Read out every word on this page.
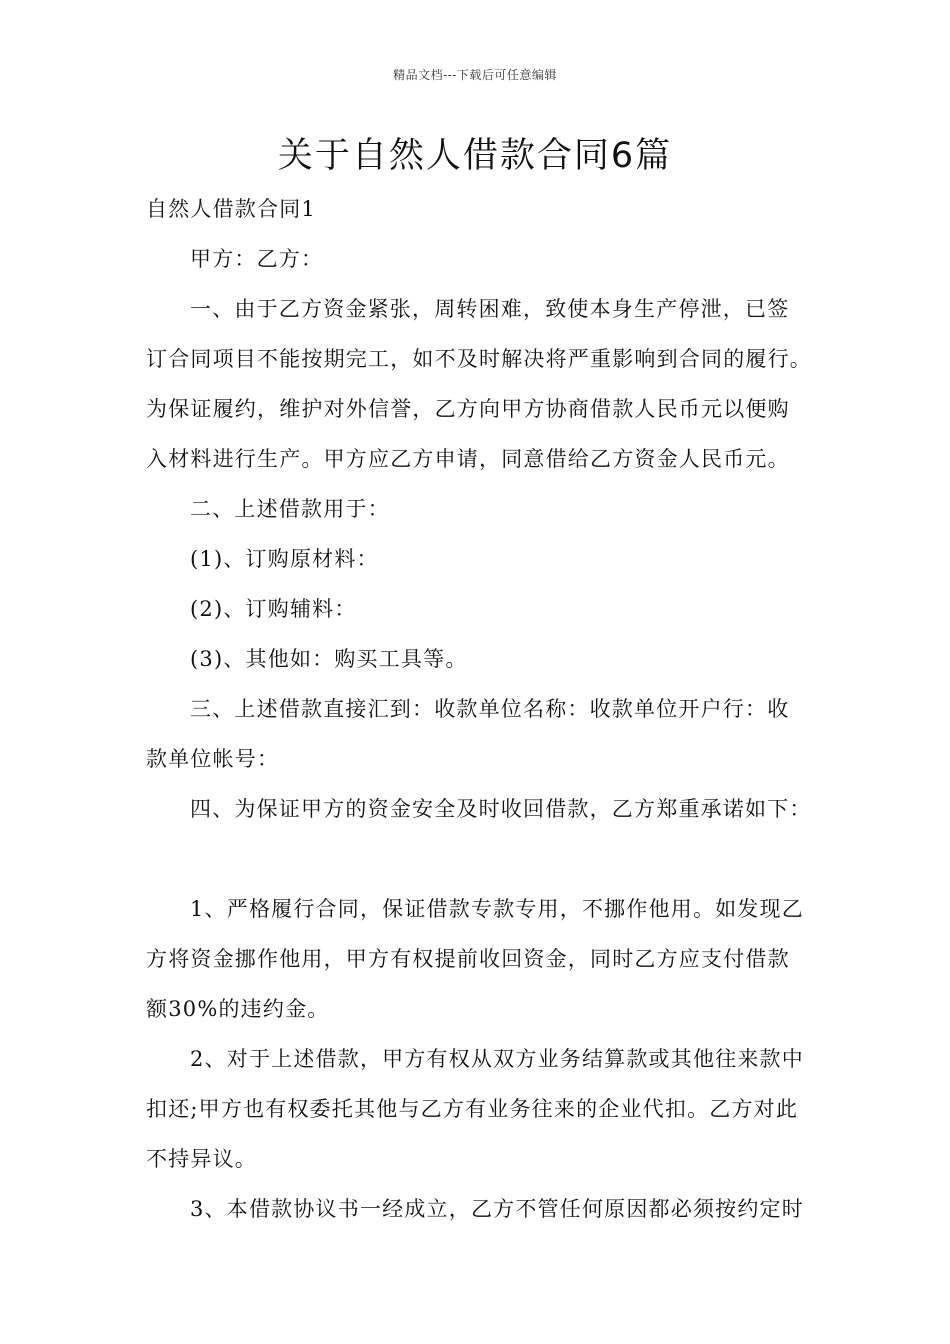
精品文档---下载后可任意编辑
关于自然人借款合同6篇
自然人借款合同1
甲方：乙方：
一、由于乙方资金紧张，周转困难，致使本身生产停泄，已签
订合同项目不能按期完工，如不及时解决将严重影响到合同的履行。
为保证履约，维护对外信誉，乙方向甲方协商借款人民币元以便购
入材料进行生产。甲方应乙方申请，同意借给乙方资金人民币元。
二、上述借款用于：
(1)、订购原材料：
(2)、订购辅料：
(3)、其他如：购买工具等。
三、上述借款直接汇到：收款单位名称：收款单位开户行：收
款单位帐号：
四、为保证甲方的资金安全及时收回借款，乙方郑重承诺如下：
1、严格履行合同，保证借款专款专用，不挪作他用。如发现乙
方将资金挪作他用，甲方有权提前收回资金，同时乙方应支付借款
额30%的违约金。
2、对于上述借款，甲方有权从双方业务结算款或其他往来款中
扣还;甲方也有权委托其他与乙方有业务往来的企业代扣。乙方对此
不持异议。
3、本借款协议书一经成立，乙方不管任何原因都必须按约定时
